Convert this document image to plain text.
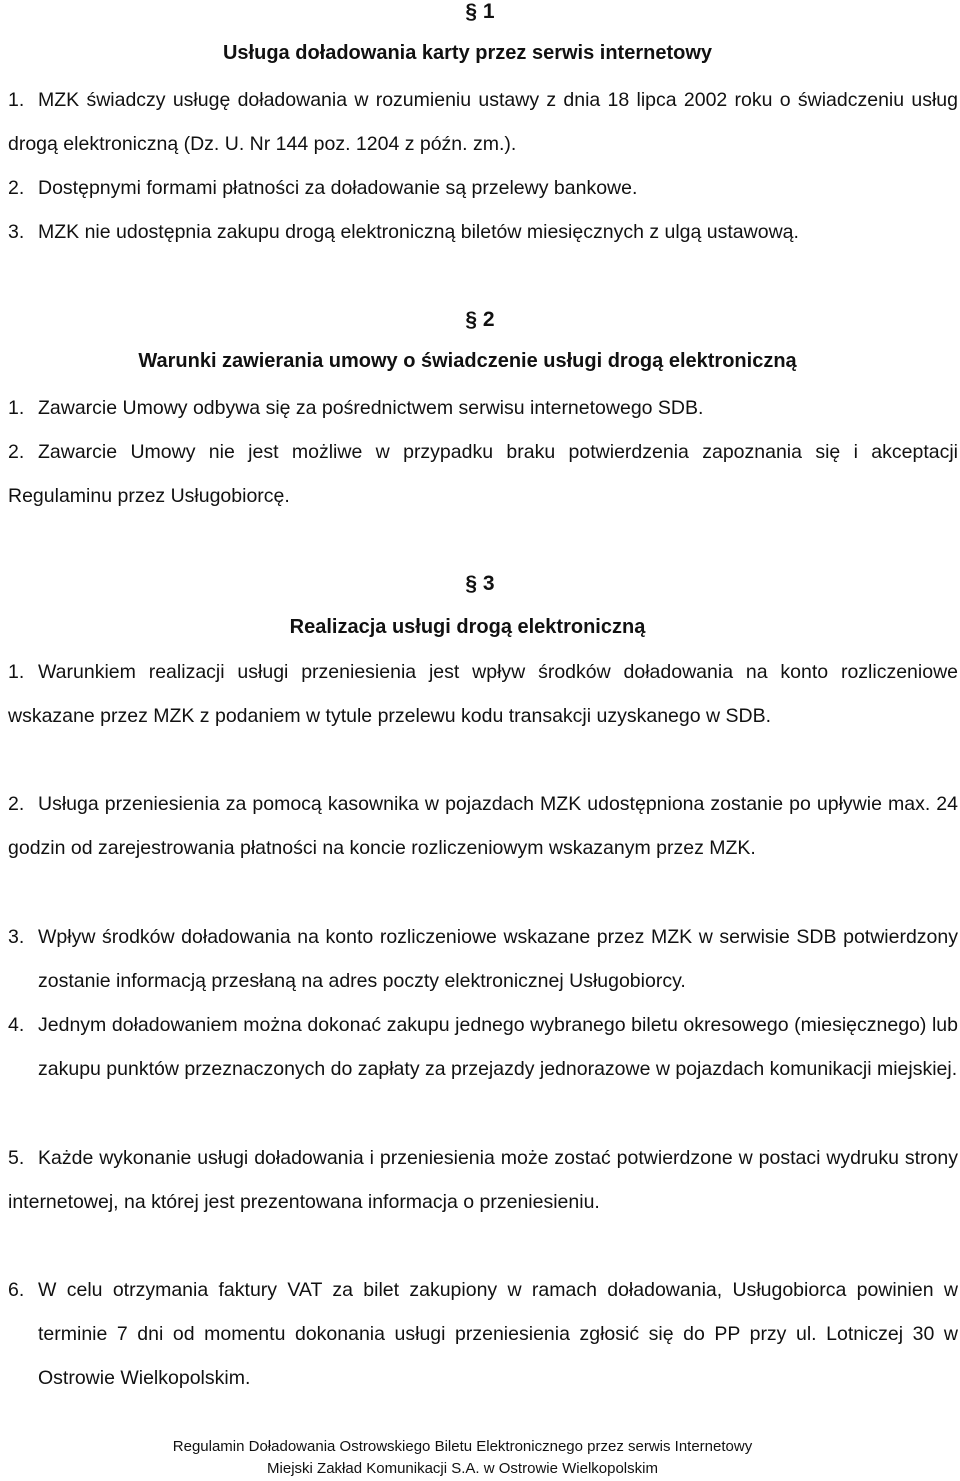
§ 1
Usługa doładowania karty przez serwis internetowy
1. MZK świadczy usługę doładowania w rozumieniu ustawy z dnia 18 lipca 2002 roku o świadczeniu usług drogą elektroniczną (Dz. U. Nr 144 poz. 1204 z późn. zm.).
2. Dostępnymi formami płatności za doładowanie są przelewy bankowe.
3. MZK nie udostępnia zakupu drogą elektroniczną biletów miesięcznych z ulgą ustawową.
§ 2
Warunki zawierania umowy o świadczenie usługi drogą elektroniczną
1. Zawarcie Umowy odbywa się za pośrednictwem serwisu internetowego SDB.
2. Zawarcie Umowy nie jest możliwe w przypadku braku potwierdzenia zapoznania się i akceptacji Regulaminu przez Usługobiorcę.
§ 3
Realizacja usługi drogą elektroniczną
1. Warunkiem realizacji usługi przeniesienia jest wpływ środków doładowania na konto rozliczeniowe wskazane przez MZK z podaniem w tytule przelewu kodu transakcji uzyskanego w SDB.
2. Usługa przeniesienia za pomocą kasownika w pojazdach MZK udostępniona zostanie po upływie max. 24 godzin od zarejestrowania płatności na koncie rozliczeniowym wskazanym przez MZK.
3. Wpływ środków doładowania na konto rozliczeniowe wskazane przez MZK w serwisie SDB potwierdzony zostanie informacją przesłaną na adres poczty elektronicznej Usługobiorcy.
4. Jednym doładowaniem można dokonać zakupu jednego wybranego biletu okresowego (miesięcznego) lub zakupu punktów przeznaczonych do zapłaty za przejazdy jednorazowe w pojazdach komunikacji miejskiej.
5. Każde wykonanie usługi doładowania i przeniesienia może zostać potwierdzone w postaci wydruku strony internetowej, na której jest prezentowana informacja o przeniesieniu.
6. W celu otrzymania faktury VAT za bilet zakupiony w ramach doładowania, Usługobiorca powinien w terminie 7 dni od momentu dokonania usługi przeniesienia zgłosić się do PP przy ul. Lotniczej 30 w Ostrowie Wielkopolskim.
Regulamin Doładowania Ostrowskiego Biletu Elektronicznego przez serwis Internetowy
Miejski Zakład Komunikacji S.A. w Ostrowie Wielkopolskim
